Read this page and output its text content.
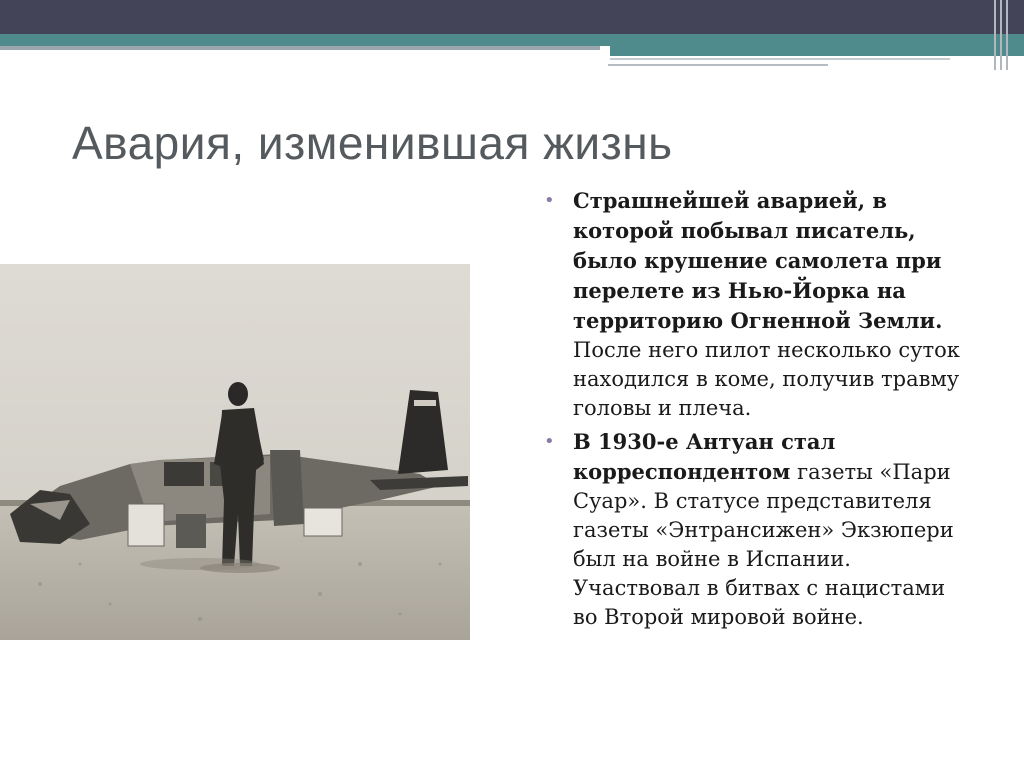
Авария, изменившая жизнь
• Страшнейшей аварией, в которой побывал писатель, было крушение самолета при перелете из Нью-Йорка на территорию Огненной Земли. После него пилот несколько суток находился в коме, получив травму головы и плеча.
• В 1930-е Антуан стал корреспондентом газеты «Пари Суар». В статусе представителя газеты «Энтрансижен» Экзюпери был на войне в Испании. Участвовал в битвах с нацистами во Второй мировой войне.
